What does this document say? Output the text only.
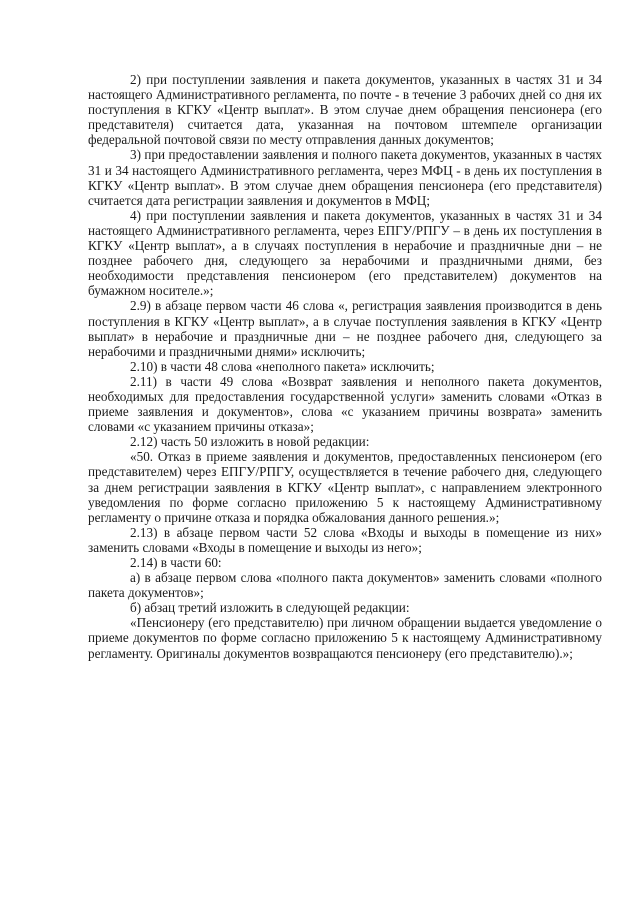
2) при поступлении заявления и пакета документов, указанных в частях 31 и 34 настоящего Административного регламента, по почте - в течение 3 рабочих дней со дня их поступления в КГКУ «Центр выплат». В этом случае днем обращения пенсионера (его представителя) считается дата, указанная на почтовом штемпеле организации федеральной почтовой связи по месту отправления данных документов;

3) при предоставлении заявления и полного пакета документов, указанных в частях 31 и 34 настоящего Административного регламента, через МФЦ - в день их поступления в КГКУ «Центр выплат». В этом случае днем обращения пенсионера (его представителя) считается дата регистрации заявления и документов в МФЦ;

4) при поступлении заявления и пакета документов, указанных в частях 31 и 34 настоящего Административного регламента, через ЕПГУ/РПГУ – в день их поступления в КГКУ «Центр выплат», а в случаях поступления в нерабочие и праздничные дни – не позднее рабочего дня, следующего за нерабочими и праздничными днями, без необходимости представления пенсионером (его представителем) документов на бумажном носителе.»;

2.9) в абзаце первом части 46 слова «, регистрация заявления производится в день поступления в КГКУ «Центр выплат», а в случае поступления заявления в КГКУ «Центр выплат» в нерабочие и праздничные дни – не позднее рабочего дня, следующего за нерабочими и праздничными днями» исключить;

2.10) в части 48 слова «неполного пакета» исключить;

2.11) в части 49 слова «Возврат заявления и неполного пакета документов, необходимых для предоставления государственной услуги» заменить словами «Отказ в приеме заявления и документов», слова «с указанием причины возврата» заменить словами «с указанием причины отказа»;

2.12) часть 50 изложить в новой редакции:

«50. Отказ в приеме заявления и документов, предоставленных пенсионером (его представителем) через ЕПГУ/РПГУ, осуществляется в течение рабочего дня, следующего за днем регистрации заявления в КГКУ «Центр выплат», с направлением электронного уведомления по форме согласно приложению 5 к настоящему Административному регламенту о причине отказа и порядка обжалования данного решения.»;

2.13) в абзаце первом части 52 слова «Входы и выходы в помещение из них» заменить словами «Входы в помещение и выходы из него»;

2.14) в части 60:

а) в абзаце первом слова «полного пакта документов» заменить словами «полного пакета документов»;

б) абзац третий изложить в следующей редакции:

«Пенсионеру (его представителю) при личном обращении выдается уведомление о приеме документов по форме согласно приложению 5 к настоящему Административному регламенту. Оригиналы документов возвращаются пенсионеру (его представителю).»;
